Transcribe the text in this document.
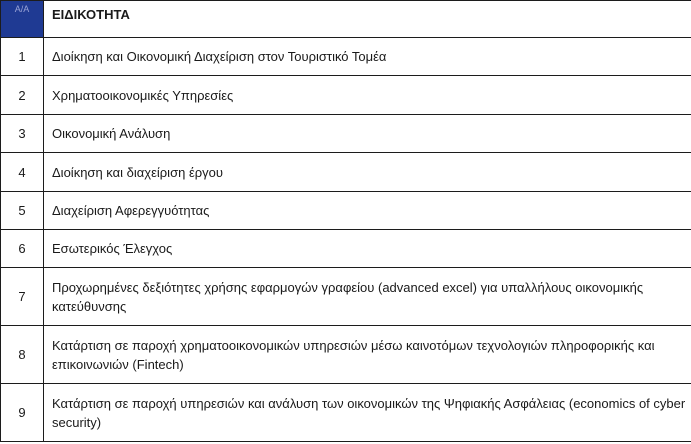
Α/Α	ΕΙΔΙΚΟΤΗΤΑ
1	Διοίκηση και Οικονομική Διαχείριση στον Τουριστικό Τομέα
2	Χρηματοοικονομικές Υπηρεσίες
3	Οικονομική Ανάλυση
4	Διοίκηση και διαχείριση έργου
5	Διαχείριση Αφερεγγυότητας
6	Εσωτερικός Έλεγχος
7	Προχωρημένες δεξιότητες χρήσης εφαρμογών γραφείου (advanced excel) για υπαλλήλους οικονομικής κατεύθυνσης
8	Κατάρτιση σε παροχή χρηματοοικονομικών υπηρεσιών μέσω καινοτόμων τεχνολογιών πληροφορικής και επικοινωνιών (Fintech)
9	Κατάρτιση σε παροχή υπηρεσιών και ανάλυση των οικονομικών της Ψηφιακής Ασφάλειας (economics of cyber security)
